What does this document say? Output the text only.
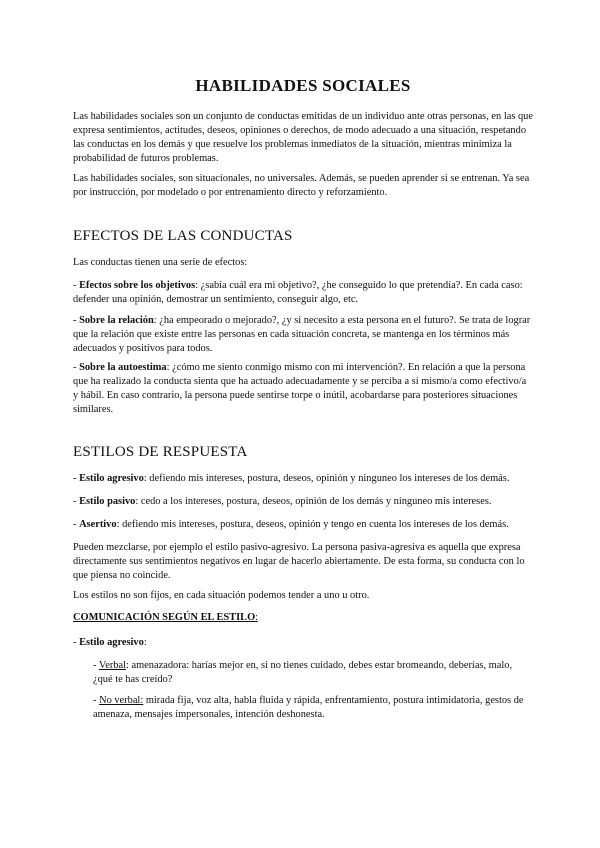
HABILIDADES SOCIALES

Las habilidades sociales son un conjunto de conductas emitidas de un individuo ante otras personas, en las que expresa sentimientos, actitudes, deseos, opiniones o derechos, de modo adecuado a una situación, respetando las conductas en los demás y que resuelve los problemas inmediatos de la situación, mientras minimiza la probabilidad de futuros problemas.

Las habilidades sociales, son situacionales, no universales. Además, se pueden aprender si se entrenan. Ya sea por instrucción, por modelado o por entrenamiento directo y reforzamiento.

EFECTOS DE LAS CONDUCTAS

Las conductas tienen una serie de efectos:

- Efectos sobre los objetivos: ¿sabía cuál era mi objetivo?, ¿he conseguido lo que pretendía?. En cada caso: defender una opinión, demostrar un sentimiento, conseguir algo, etc.

- Sobre la relación: ¿ha empeorado o mejorado?, ¿y si necesito a esta persona en el futuro?. Se trata de lograr que la relación que existe entre las personas en cada situación concreta, se mantenga en los términos más adecuados y positivos para todos.

- Sobre la autoestima: ¿cómo me siento conmigo mismo con mi intervención?. En relación a que la persona que ha realizado la conducta sienta que ha actuado adecuadamente y se perciba a sí mismo/a como efectivo/a y hábil. En caso contrario, la persona puede sentirse torpe o inútil, acobardarse para posteriores situaciones similares.

ESTILOS DE RESPUESTA

- Estilo agresivo: defiendo mis intereses, postura, deseos, opinión y ninguneo los intereses de los demás.

- Estilo pasivo: cedo a los intereses, postura, deseos, opinión de los demás y ninguneo mis intereses.

- Asertivo: defiendo mis intereses, postura, deseos, opinión y tengo en cuenta los intereses de los demás.

Pueden mezclarse, por ejemplo el estilo pasivo-agresivo. La persona pasiva-agresiva es aquella que expresa directamente sus sentimientos negativos en lugar de hacerlo abiertamente. De esta forma, su conducta con lo que piensa no coincide.

Los estilos no son fijos, en cada situación podemos tender a uno u otro.

COMUNICACIÓN SEGÚN EL ESTILO:

- Estilo agresivo:

- Verbal: amenazadora: harías mejor en, si no tienes cuidado, debes estar bromeando, deberías, malo, ¿qué te has creído?

- No verbal: mirada fija, voz alta, habla fluida y rápida, enfrentamiento, postura intimidatoria, gestos de amenaza, mensajes impersonales, intención deshonesta.
